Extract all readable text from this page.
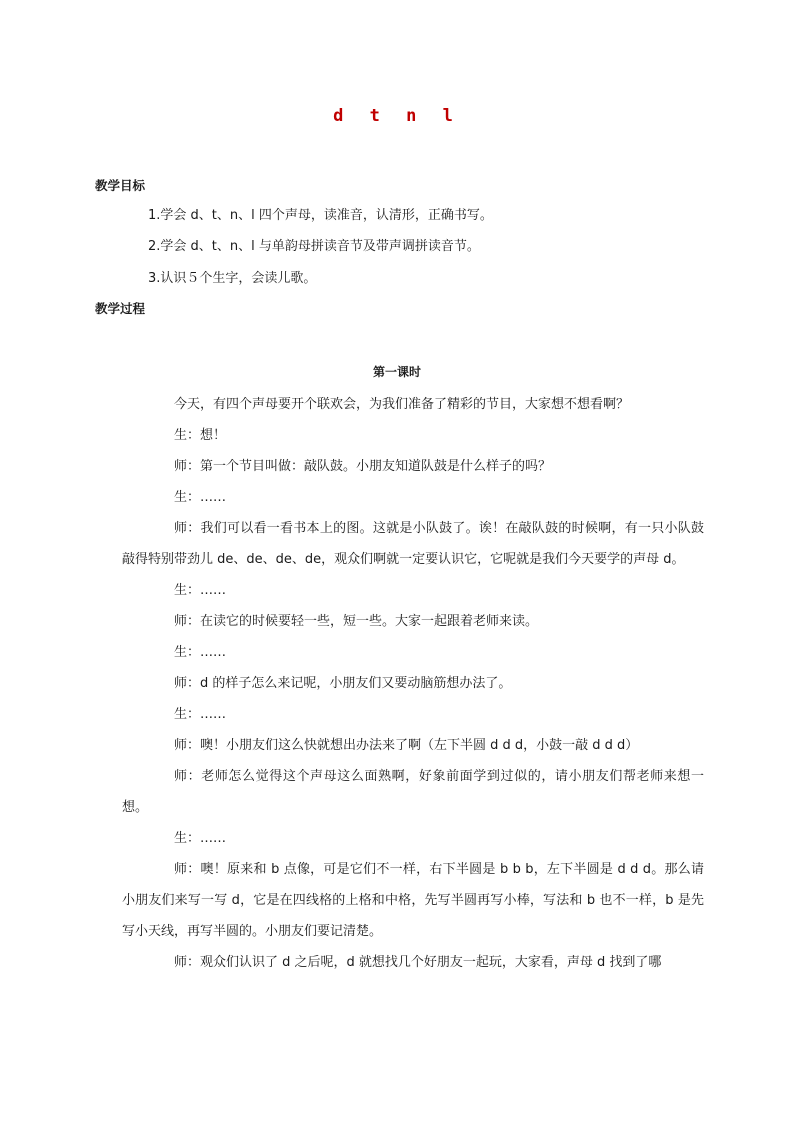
d t n l
教学目标
1.学会 d、t、n、l 四个声母，读准音，认清形，正确书写。
2.学会 d、t、n、l 与单韵母拼读音节及带声调拼读音节。
3.认识５个生字，会读儿歌。
教学过程
第一课时

今天，有四个声母要开个联欢会，为我们准备了精彩的节目，大家想不想看啊？

生：想！

师：第一个节目叫做：敲队鼓。小朋友知道队鼓是什么样子的吗？

生：……

师：我们可以看一看书本上的图。这就是小队鼓了。诶！在敲队鼓的时候啊，有一只小队鼓敲得特别带劲儿 de、de、de、de，观众们啊就一定要认识它，它呢就是我们今天要学的声母 d。

生：……

师：在读它的时候要轻一些，短一些。大家一起跟着老师来读。

生：……

师：d 的样子怎么来记呢，小朋友们又要动脑筋想办法了。

生：……

师：噢！小朋友们这么快就想出办法来了啊（左下半圆 d d d，小鼓一敲 d d d）

师：老师怎么觉得这个声母这么面熟啊，好象前面学到过似的，请小朋友们帮老师来想一想。

生：……

师：噢！原来和 b 点像，可是它们不一样，右下半圆是 b b b，左下半圆是 d d d。那么请小朋友们来写一写 d，它是在四线格的上格和中格，先写半圆再写小棒，写法和 b 也不一样，b 是先写小天线，再写半圆的。小朋友们要记清楚。

师：观众们认识了 d 之后呢，d 就想找几个好朋友一起玩，大家看，声母 d 找到了哪
